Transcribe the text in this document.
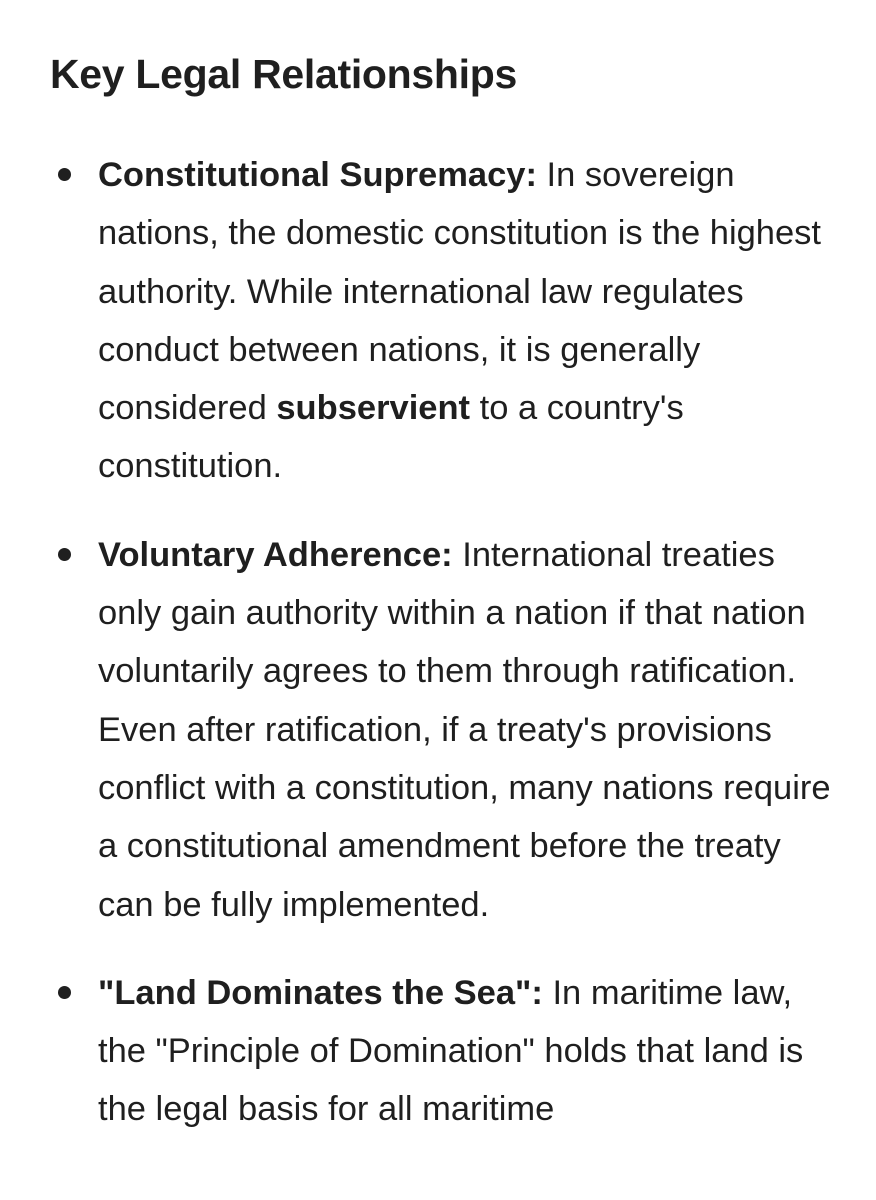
Key Legal Relationships
Constitutional Supremacy: In sovereign nations, the domestic constitution is the highest authority. While international law regulates conduct between nations, it is generally considered subservient to a country's constitution.
Voluntary Adherence: International treaties only gain authority within a nation if that nation voluntarily agrees to them through ratification. Even after ratification, if a treaty's provisions conflict with a constitution, many nations require a constitutional amendment before the treaty can be fully implemented.
"Land Dominates the Sea": In maritime law, the "Principle of Domination" holds that land is the legal basis for all maritime
